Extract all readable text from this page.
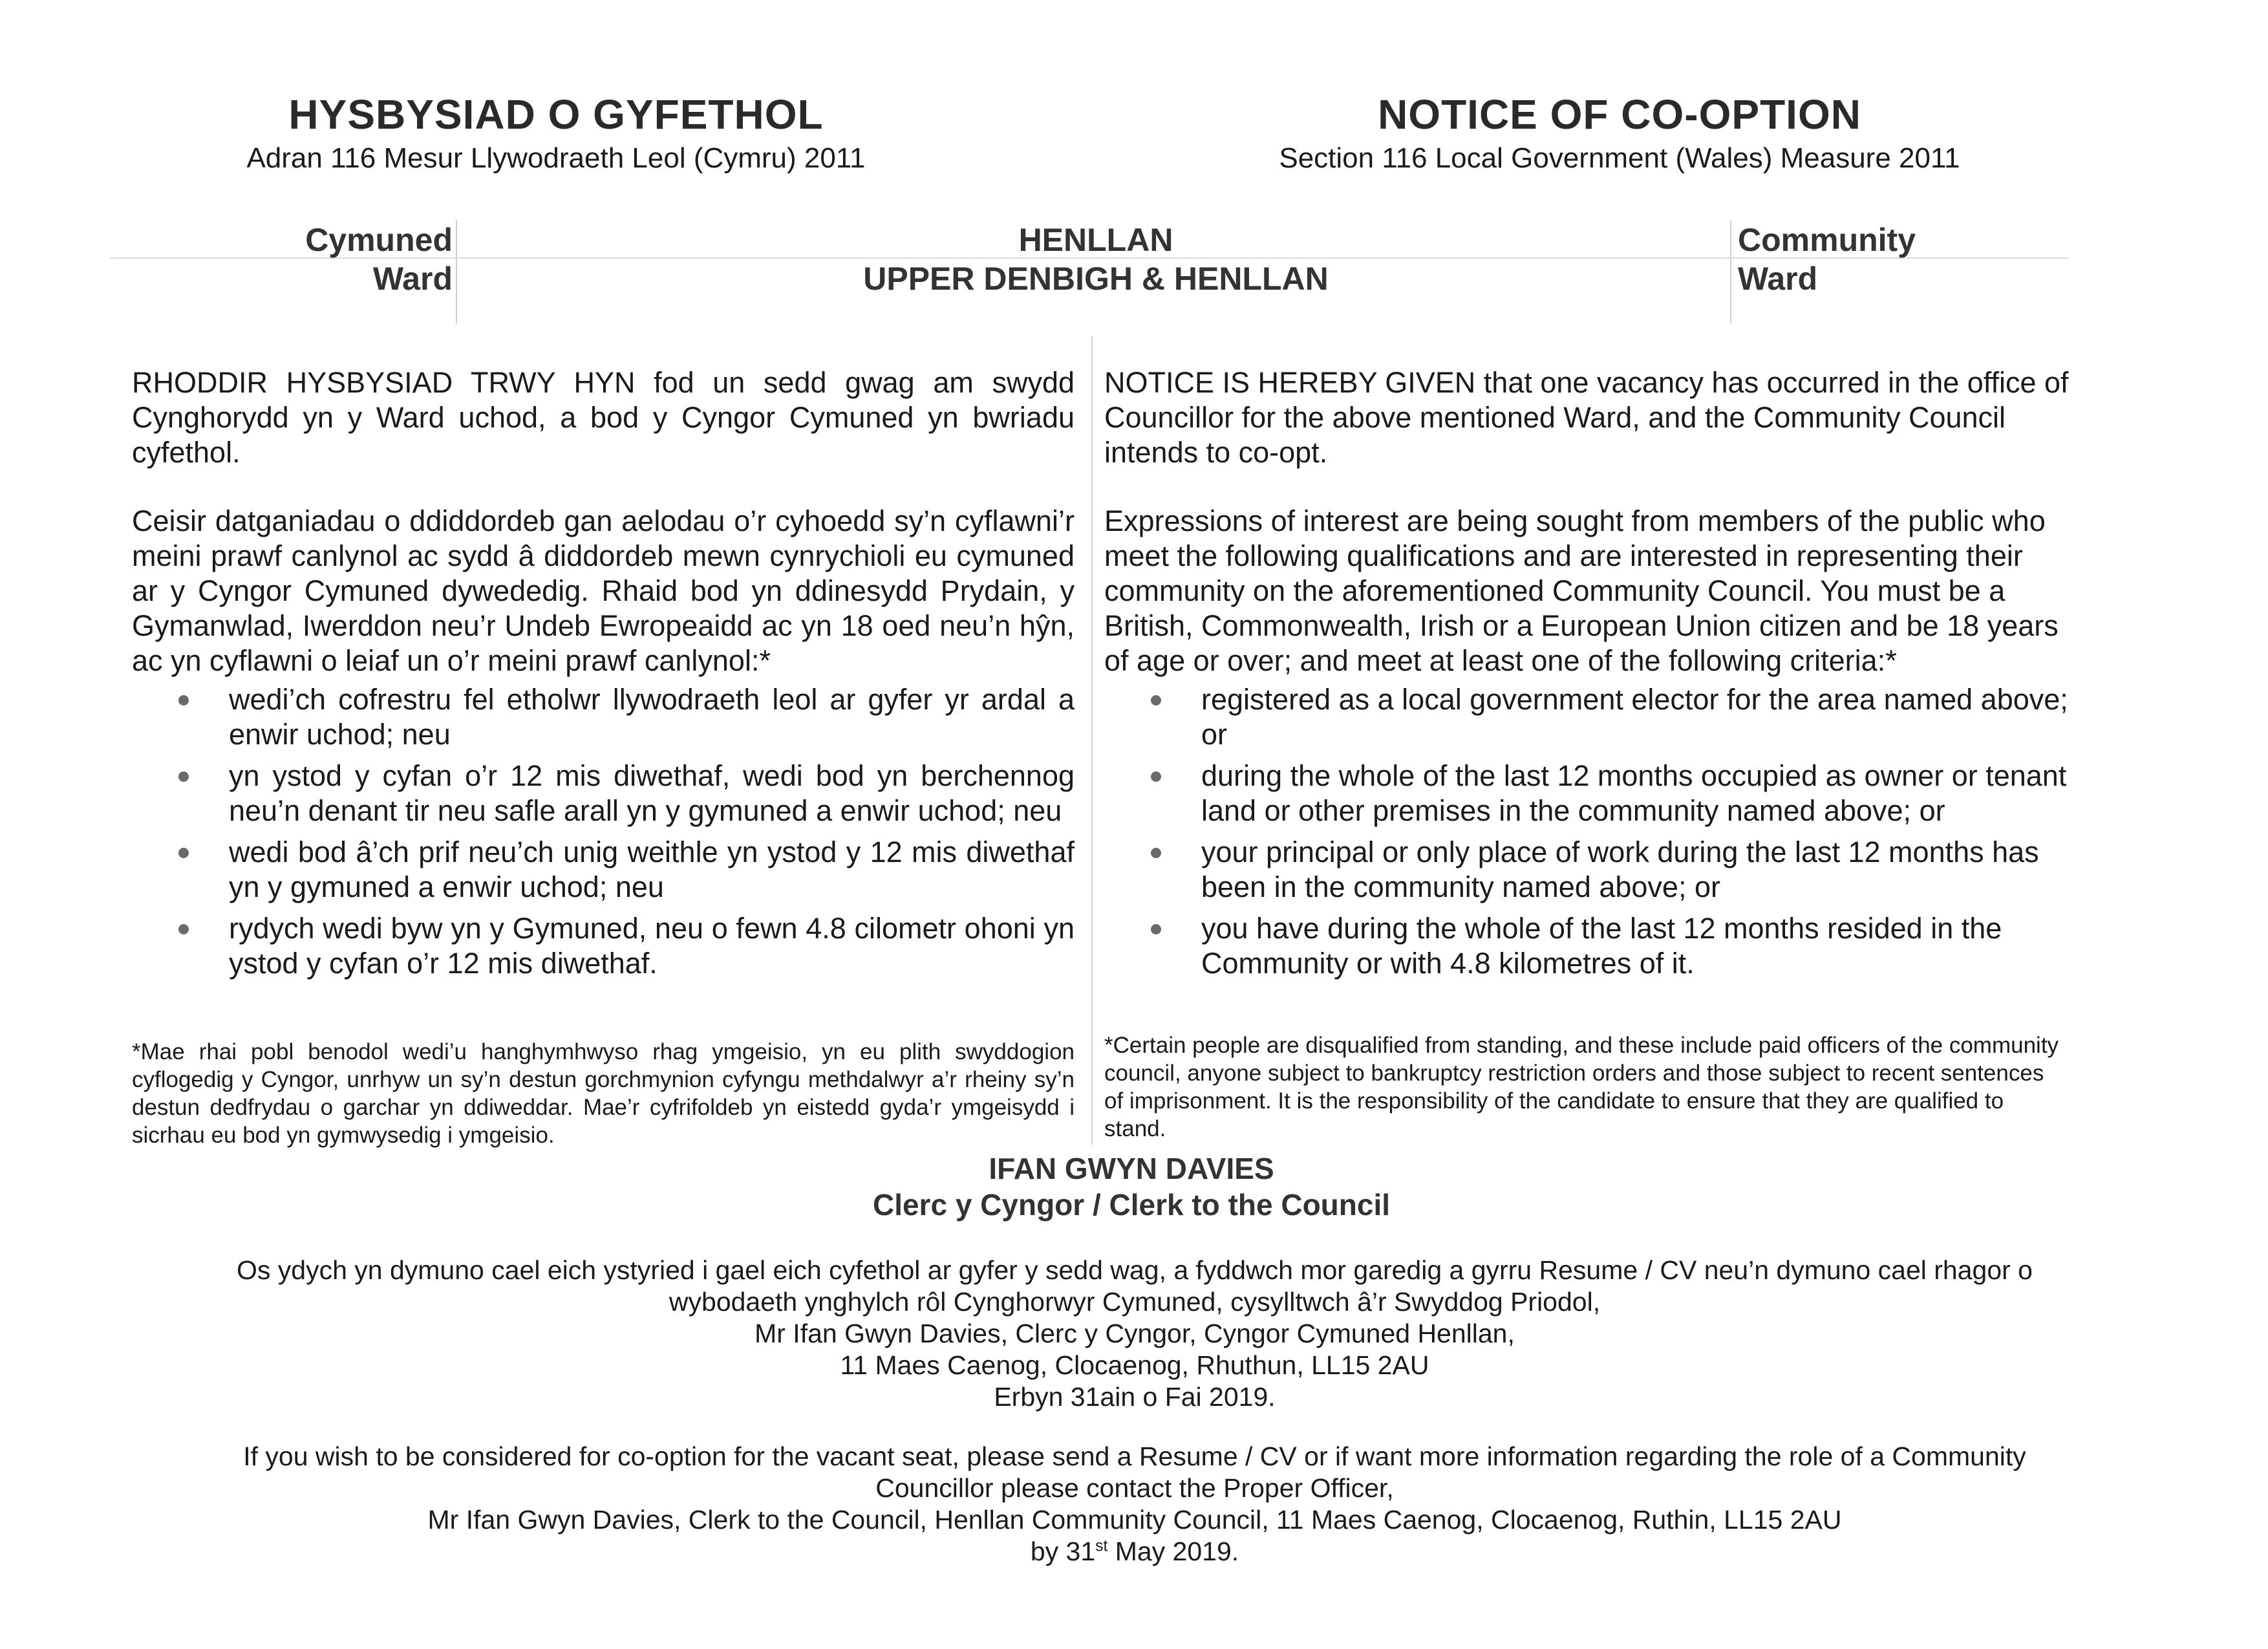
HYSBYSIAD O GYFETHOL
Adran 116 Mesur Llywodraeth Leol (Cymru) 2011
NOTICE OF CO-OPTION
Section 116 Local Government (Wales) Measure 2011
Cymuned
Ward
HENLLAN
UPPER DENBIGH & HENLLAN
Community
Ward

RHODDIR HYSBYSIAD TRWY HYN fod un sedd gwag am swydd Cynghorydd yn y Ward uchod, a bod y Cyngor Cymuned yn bwriadu cyfethol.

Ceisir datganiadau o ddiddordeb gan aelodau o’r cyhoedd sy’n cyflawni’r meini prawf canlynol ac sydd â diddordeb mewn cynrychioli eu cymuned ar y Cyngor Cymuned dywededig. Rhaid bod yn ddinesydd Prydain, y Gymanwlad, Iwerddon neu’r Undeb Ewropeaidd ac yn 18 oed neu’n hŷn, ac yn cyflawni o leiaf un o’r meini prawf canlynol:*

wedi’ch cofrestru fel etholwr llywodraeth leol ar gyfer yr ardal a enwir uchod; neu
yn ystod y cyfan o’r 12 mis diwethaf, wedi bod yn berchennog neu’n denant tir neu safle arall yn y gymuned a enwir uchod; neu
wedi bod â’ch prif neu’ch unig weithle yn ystod y 12 mis diwethaf yn y gymuned a enwir uchod; neu
rydych wedi byw yn y Gymuned, neu o fewn 4.8 cilometr ohoni yn ystod y cyfan o’r 12 mis diwethaf.

NOTICE IS HEREBY GIVEN that one vacancy has occurred in the office of Councillor for the above mentioned Ward, and the Community Council intends to co-opt.

Expressions of interest are being sought from members of the public who meet the following qualifications and are interested in representing their community on the aforementioned Community Council. You must be a British, Commonwealth, Irish or a European Union citizen and be 18 years of age or over; and meet at least one of the following criteria:*

registered as a local government elector for the area named above; or
during the whole of the last 12 months occupied as owner or tenant land or other premises in the community named above; or
your principal or only place of work during the last 12 months has been in the community named above; or
you have during the whole of the last 12 months resided in the Community or with 4.8 kilometres of it.
*Mae rhai pobl benodol wedi’u hanghymhwyso rhag ymgeisio, yn eu plith swyddogion cyflogedig y Cyngor, unrhyw un sy’n destun gorchmynion cyfyngu methdalwyr a’r rheiny sy’n destun dedfrydau o garchar yn ddiweddar. Mae’r cyfrifoldeb yn eistedd gyda’r ymgeisydd i sicrhau eu bod yn gymwysedig i ymgeisio.
*Certain people are disqualified from standing, and these include paid officers of the community council, anyone subject to bankruptcy restriction orders and those subject to recent sentences of imprisonment. It is the responsibility of the candidate to ensure that they are qualified to stand.
IFAN GWYN DAVIES
Clerc y Cyngor / Clerk to the Council
Os ydych yn dymuno cael eich ystyried i gael eich cyfethol ar gyfer y sedd wag, a fyddwch mor garedig a gyrru Resume / CV neu’n dymuno cael rhagor o
wybodaeth ynghylch rôl Cynghorwyr Cymuned, cysylltwch â’r Swyddog Priodol,
Mr Ifan Gwyn Davies, Clerc y Cyngor, Cyngor Cymuned Henllan,
11 Maes Caenog, Clocaenog, Rhuthun, LL15 2AU
Erbyn 31ain o Fai 2019.
If you wish to be considered for co-option for the vacant seat, please send a Resume / CV or if want more information regarding the role of a Community
Councillor please contact the Proper Officer,
Mr Ifan Gwyn Davies, Clerk to the Council, Henllan Community Council, 11 Maes Caenog, Clocaenog, Ruthin, LL15 2AU
by 31st May 2019.
